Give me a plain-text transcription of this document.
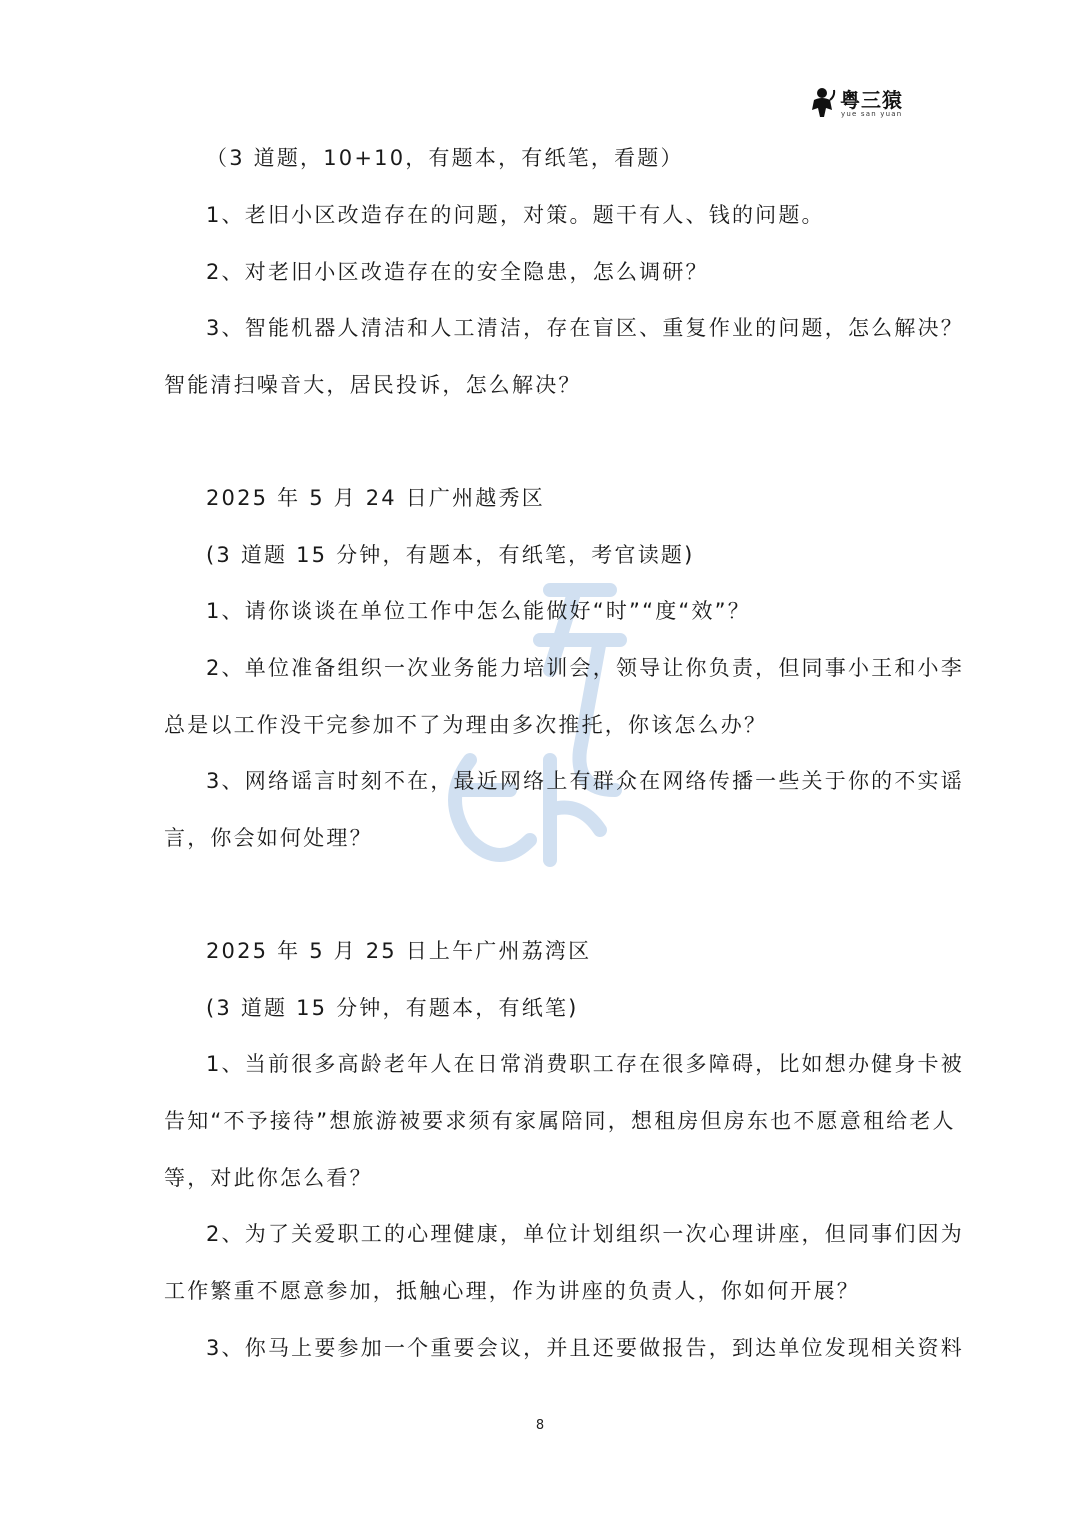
粤三猿
yue san yuan
（3 道题，10+10，有题本，有纸笔，看题）
1、老旧小区改造存在的问题，对策。题干有人、钱的问题。
2、对老旧小区改造存在的安全隐患，怎么调研？
3、智能机器人清洁和人工清洁，存在盲区、重复作业的问题，怎么解决？
智能清扫噪音大，居民投诉，怎么解决？
2025 年 5 月 24 日广州越秀区
(3 道题 15 分钟，有题本，有纸笔，考官读题)
1、请你谈谈在单位工作中怎么能做好“时”“度“效”？
2、单位准备组织一次业务能力培训会，领导让你负责，但同事小王和小李
总是以工作没干完参加不了为理由多次推托，你该怎么办？
3、网络谣言时刻不在，最近网络上有群众在网络传播一些关于你的不实谣
言，你会如何处理？
2025 年 5 月 25 日上午广州荔湾区
(3 道题 15 分钟，有题本，有纸笔)
1、当前很多高龄老年人在日常消费职工存在很多障碍，比如想办健身卡被
告知“不予接待”想旅游被要求须有家属陪同，想租房但房东也不愿意租给老人
等，对此你怎么看？
2、为了关爱职工的心理健康，单位计划组织一次心理讲座，但同事们因为
工作繁重不愿意参加，抵触心理，作为讲座的负责人，你如何开展？
3、你马上要参加一个重要会议，并且还要做报告，到达单位发现相关资料
8
